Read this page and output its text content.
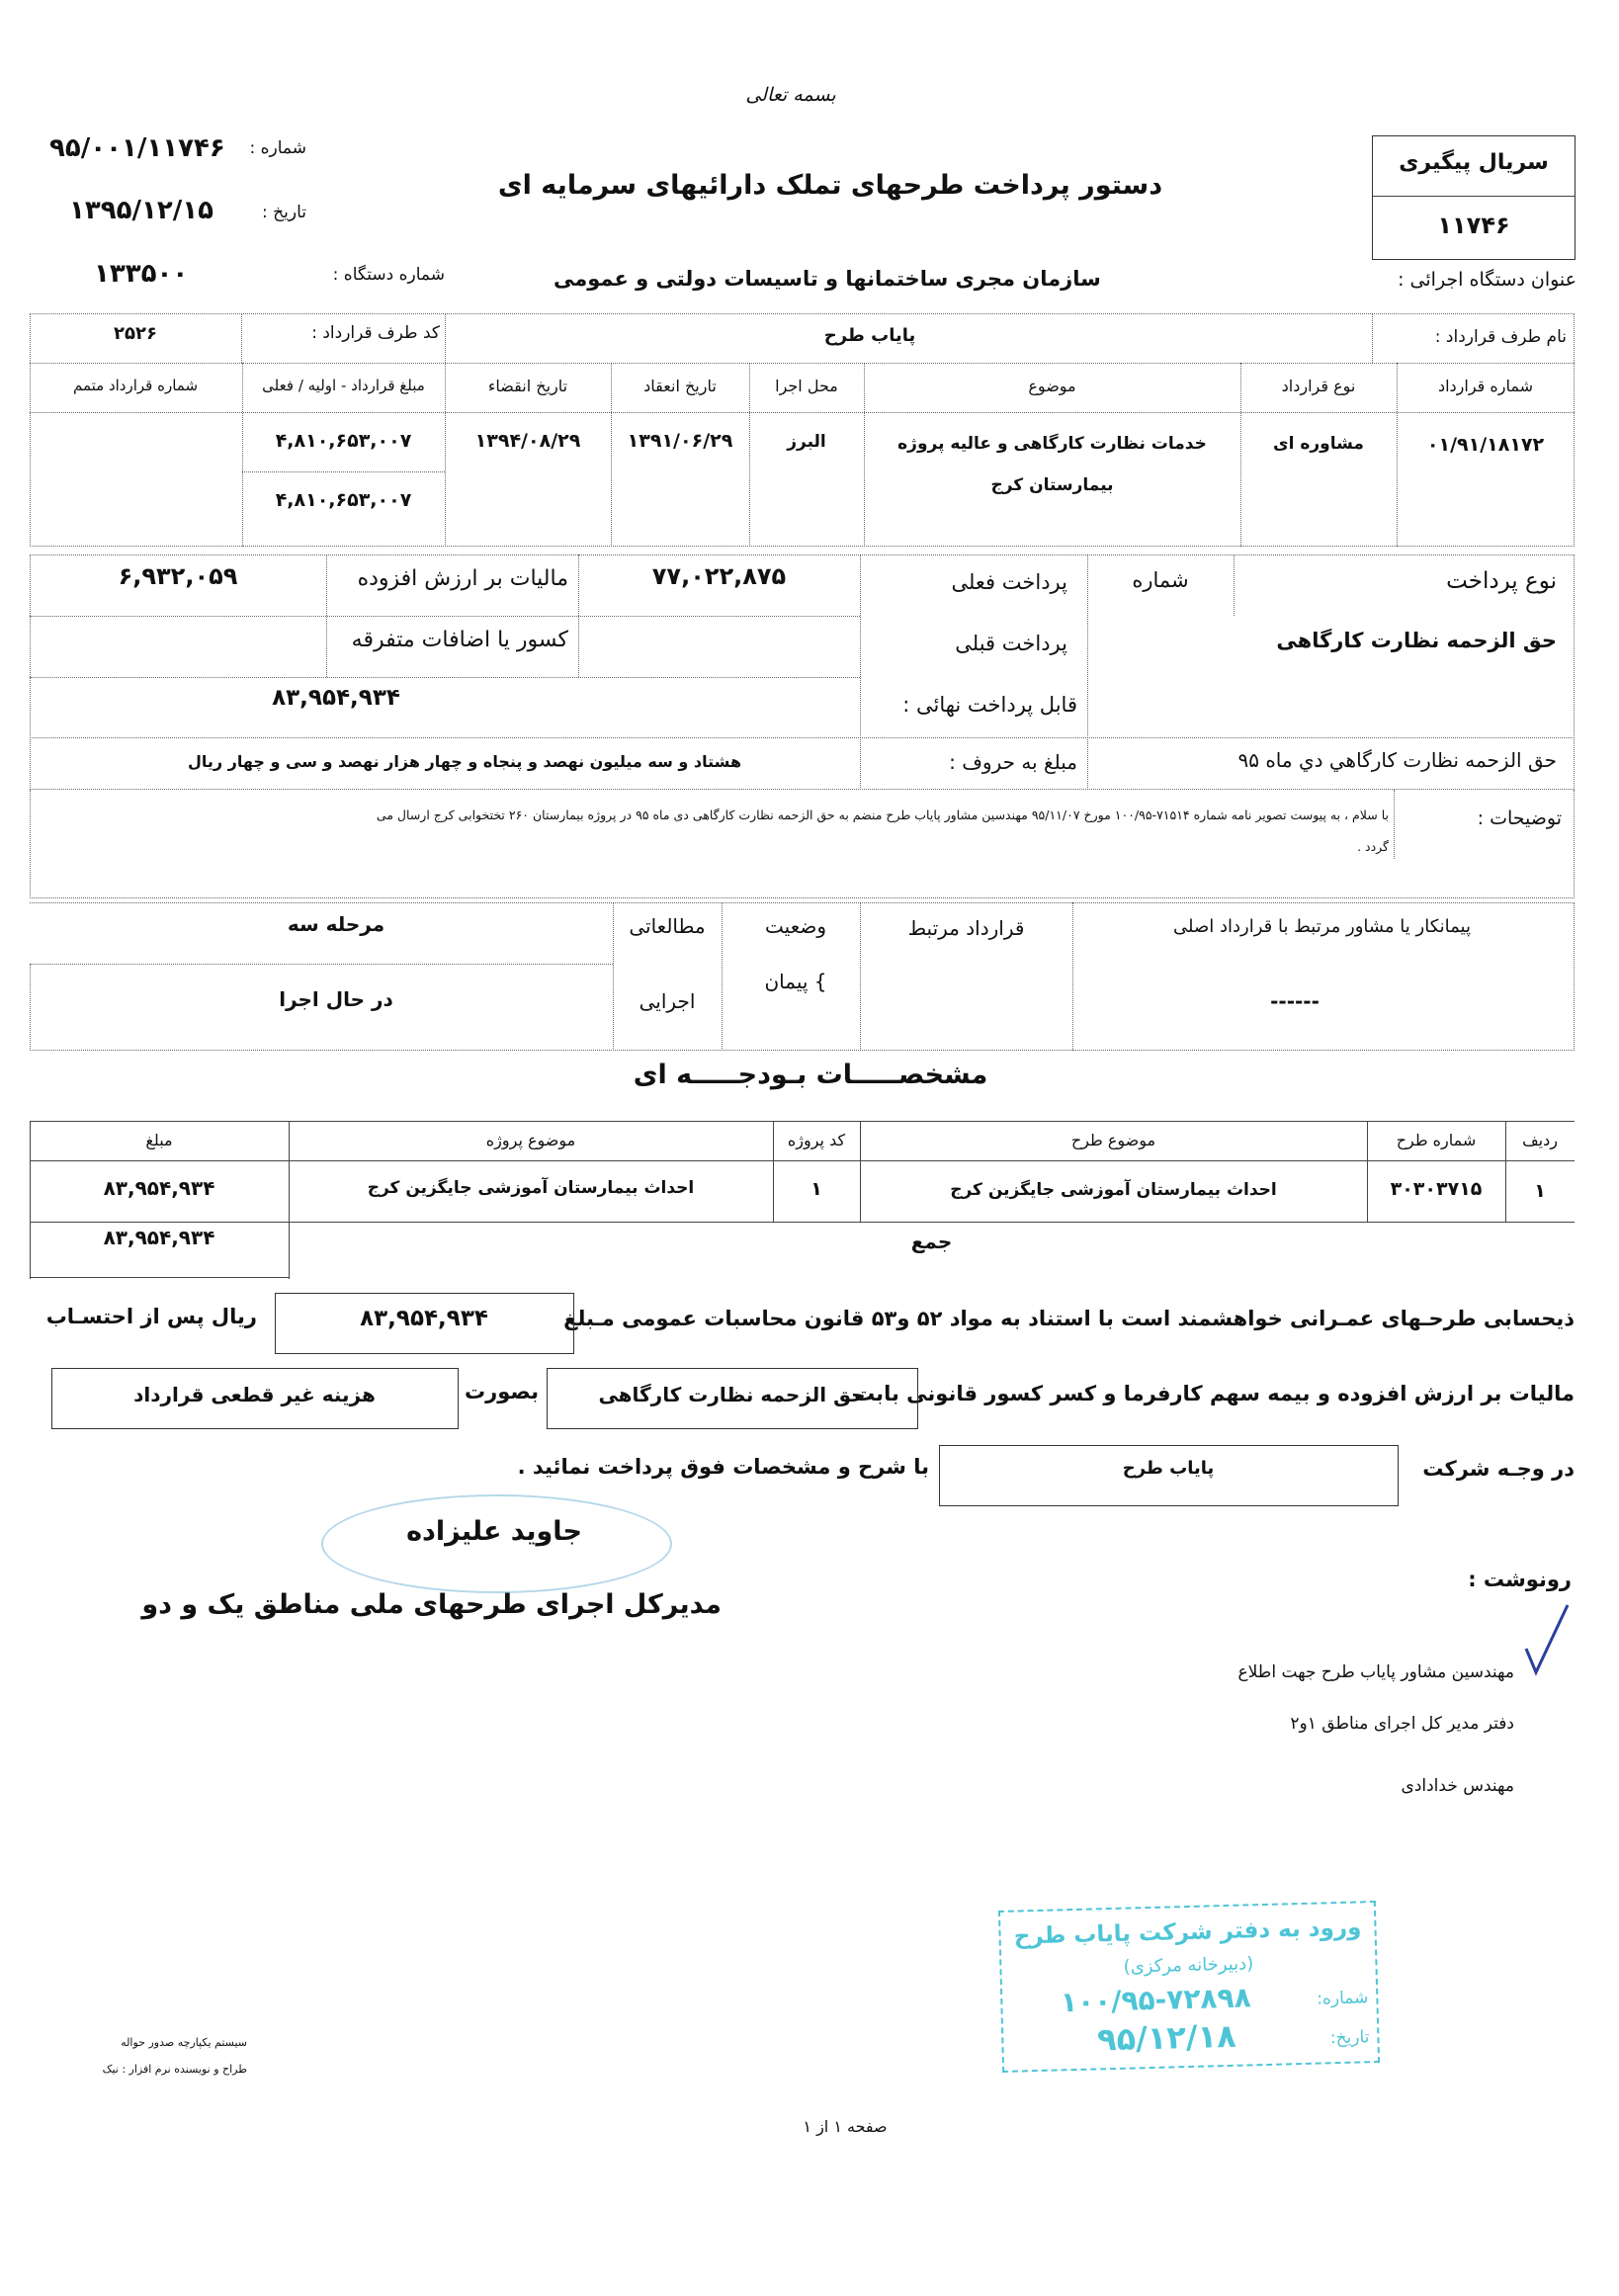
بسمه تعالی
شماره :
۹۵/۰۰۱/۱۱۷۴۶
تاریخ :
۱۳۹۵/۱۲/۱۵
شماره دستگاه :
۱۳۳۵۰۰
دستور پرداخت طرحهای تملک دارائیهای سرمایه ای
سازمان مجری ساختمانها و تاسیسات دولتی و عمومی	عنوان دستگاه اجرائی :
سریال پیگیری
۱۱۷۴۶
نام طرف قرارداد :
پایاب طرح
کد طرف قرارداد :
۲۵۲۶
شماره قرارداد
نوع قرارداد
موضوع
محل اجرا
تاریخ انعقاد
تاریخ انقضاء
مبلغ قرارداد - اولیه / فعلی
شماره قرارداد متمم
۰۱/۹۱/۱۸۱۷۲
مشاوره ای
خدمات نظارت کارگاهی و عالیه پروژه
بیمارستان کرج
البرز
۱۳۹۱/۰۶/۲۹
۱۳۹۴/۰۸/۲۹
۴,۸۱۰,۶۵۳,۰۰۷
۴,۸۱۰,۶۵۳,۰۰۷
نوع پرداخت
حق الزحمه نظارت کارگاهی
شماره
پرداخت فعلی
۷۷,۰۲۲,۸۷۵
مالیات بر ارزش افزوده
۶,۹۳۲,۰۵۹
پرداخت قبلی
کسور یا اضافات متفرقه
قابل پرداخت نهائی :
۸۳,۹۵۴,۹۳۴
حق الزحمه نظارت كارگاهي دي ماه ۹۵
مبلغ به حروف :
هشتاد و سه میلیون نهصد و پنجاه و چهار هزار نهصد و سی و چهار ریال
توضیحات :
با سلام ، به پیوست تصویر نامه شماره ۷۱۵۱۴-۱۰۰/۹۵ مورخ ۹۵/۱۱/۰۷ مهندسین مشاور پایاب طرح منضم به حق الزحمه نظارت کارگاهی دی ماه ۹۵ در پروژه بیمارستان ۲۶۰ تختخوابی کرج ارسال می
گردد .
پیمانکار یا مشاور مرتبط با قرارداد اصلی
------
قرارداد مرتبط
وضعیت
پیمان {
مطالعاتی
اجرایی
مرحله سه
در حال اجرا
مشخصـــــات بـودجـــــه ای
ردیف
شماره طرح
موضوع طرح
کد پروژه
موضوع پروژه
مبلغ
۱
۳۰۳۰۳۷۱۵
احداث بیمارستان آموزشی جایگزین کرج
۱
احداث بیمارستان آموزشی جایگزین کرج
۸۳,۹۵۴,۹۳۴
جمع
۸۳,۹۵۴,۹۳۴
ذیحسابی طرحـهای عمـرانی خواهشمند است با استناد به مواد ۵۲ و۵۳ قانون محاسبات عمومی مـبلغ
۸۳,۹۵۴,۹۳۴
ریال پس از احتسـاب
مالیات بر ارزش افزوده و بیمه سهم کارفرما و کسر کسور قانونی بابت
حق الزحمه نظارت کارگاهی
بصورت
هزینه غیر قطعی قرارداد
در وجـه شرکت
پایاب طرح
با شرح و مشخصات فوق پرداخت نمائید .
جاوید علیزاده
مدیرکل اجرای طرحهای ملی مناطق یک و دو
رونوشت :
مهندسین مشاور پایاب طرح جهت اطلاع
دفتر مدیر کل اجرای مناطق ۱و۲
مهندس خدادادی
ورود به دفتر شرکت پایاب طرح
(دبیرخانه مرکزی)
شماره:
۱۰۰/۹۵-۷۲۸۹۸
تاریخ:
۹۵/۱۲/۱۸
سیستم یکپارچه صدور حواله
طراح و نویسنده نرم افزار : نیک
صفحه ۱ از ۱
